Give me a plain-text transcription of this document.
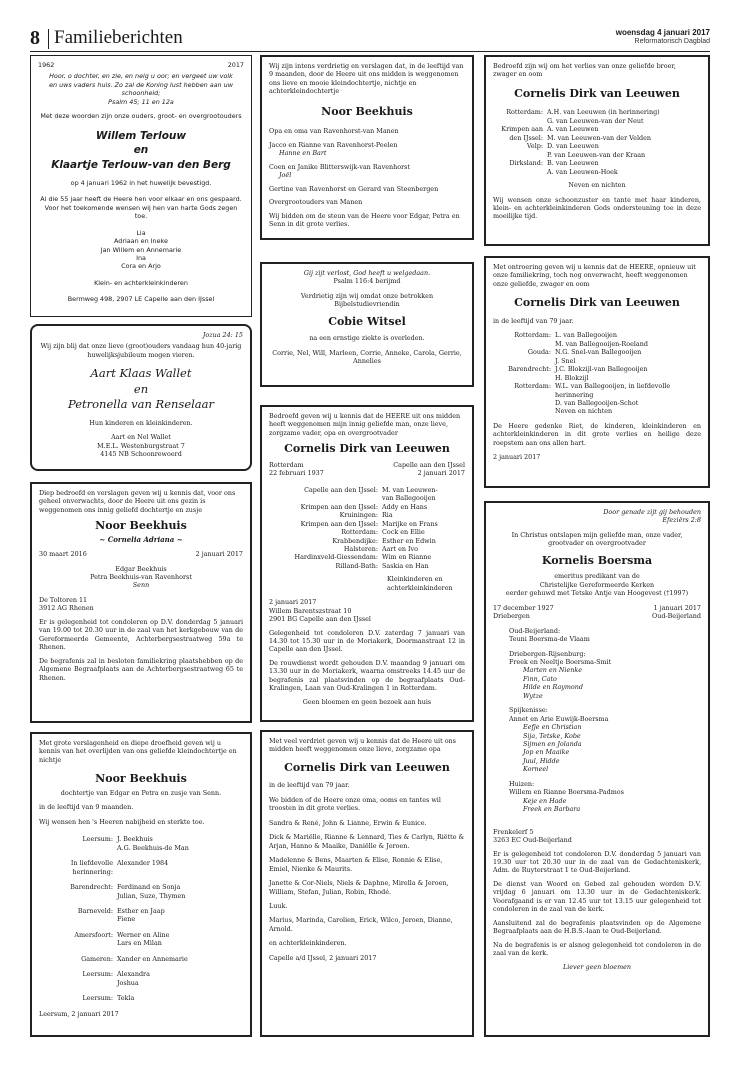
8 Familieberichten	woensdag 4 januari 2017
Reformatorisch Dagblad
1962	2017
Hoor, o dochter, en zie, en neig u oor; en vergeet uw volk
en uws vaders huis. Zo zal de Koning lust hebben aan uw
schoonheid;
Psalm 45; 11 en 12a
Met deze woorden zijn onze ouders, groot- en overgrootouders
Willem Terlouw
en
Klaartje Terlouw-van den Berg
op 4 januari 1962 in het huwelijk bevestigd.
Al die 55 jaar heeft de Heere hen voor elkaar en ons gespaard.
Voor het toekomende wensen wij hen van harte Gods zegen toe.
Lia
Adriaan en Ineke
Jan Willem en Annemarie
Ina
Cora en Arjo
Klein- en achterkleinkinderen
Bermweg 498, 2907 LE Capelle aan den IJssel
Jozua 24: 15
Wij zijn blij dat onze lieve (groot)ouders vandaag hun 40-jarig huwelijksjubileum mogen vieren.
Aart Klaas Wallet
en
Petronella van Renselaar
Hun kinderen en kleinkinderen.
Aart en Nel Wallet
M.E.L. Westenburgstraat 7
4145 NB Schoonrewoerd
Diep bedroefd en verslagen geven wij u kennis dat, voor ons geheel onverwachts, door de Heere uit ons gezin is weggenomen ons innig geliefd dochtertje en zusje
Noor Beekhuis
~ Cornelia Adriana ~
30 maart 2016	2 januari 2017
Edgar Beekhuis
Petra Beekhuis-van Ravenhorst
Senn
De Toltoren 11
3912 AG Rhenen
Er is gelegenheid tot condoleren op D.V. donderdag 5 januari van 19.00 tot 20.30 uur in de zaal van het kerkgebouw van de Gereformeerde Gemeente, Achterbergsestraatweg 59a te Rhenen.
De begrafenis zal in besloten familiekring plaatshebben op de Algemene Begraafplaats aan de Achterbergsestraatweg 65 te Rhenen.
Met grote verslagenheid en diepe droefheid geven wij u kennis van het overlijden van ons geliefde kleindochtertje en nichtje
Noor Beekhuis
dochtertje van Edgar en Petra en zusje van Senn.
in de leeftijd van 9 maanden.
Wij wensen hen 's Heeren nabijheid en sterkte toe.
Leersum: J. Beekhuis
A.G. Beekhuis-de Man
In liefdevolle herinnering:
Alexander 1984
Barendrecht: Ferdinand en Sonja
Julian, Suze, Thymen
Barneveld: Esther en Jaap
Fiene
Amersfoort: Werner en Aline
Lars en Milan
Gameren: Xander en Annemarie
Leersum: Alexandra
Joshua
Leersum: Tekla
Leersum, 2 januari 2017
Wij zijn intens verdrietig en verslagen dat, in de leeftijd van 9 maanden, door de Heere uit ons midden is weggenomen ons lieve en mooie kleindochtertje, nichtje en achterkleindochtertje
Noor Beekhuis
Opa en oma van Ravenhorst-van Manen
Jacco en Rianne van Ravenhorst-Peelen
Hanne en Bart
Coen en Janike Blitterswijk-van Ravenhorst
Joël
Gertine van Ravenhorst en Gerard van Steenbergen
Overgrootouders van Manen
Wij bidden om de steun van de Heere voor Edgar, Petra en Senn in dit grote verlies.
Gij zijt verlost, God heeft u welgedaan.
Psalm 116:4 berijmd
Verdrietig zijn wij omdat onze betrokken Bijbelstudievriendin
Cobie Witsel
na een ernstige ziekte is overleden.
Corrie, Nel, Will, Marleen, Corrie, Anneke, Carola, Gerrie, Annelies
Bedroefd geven wij u kennis dat de HEERE uit ons midden heeft weggenomen mijn innig geliefde man, onze lieve, zorgzame vader, opa en overgrootvader
Cornelis Dirk van Leeuwen
Rotterdam	Capelle aan den IJssel
22 februari 1937	2 januari 2017
Capelle aan den IJssel: M. van Leeuwen-
van Ballegooijen
Krimpen aan den IJssel: Addy en Hans
Kruiningen: Ria
Krimpen aan den IJssel: Marijke en Frans
Rotterdam: Cock en Ellie
Krabbendijke: Esther en Edwin
Halsteren: Aart en Ivo
Hardinxveld-Giessendam: Wim en Rianne
Rilland-Bath: Saskia en Han
Kleinkinderen en
achterkleinkinderen
2 januari 2017
Willem Barentszstraat 10
2901 BG Capelle aan den IJssel
Gelegenheid tot condoleren D.V. zaterdag 7 januari van 14.30 tot 15.30 uur in de Moriakerk, Doormanstraat 12 in Capelle aan den IJssel.
De rouwdienst wordt gehouden D.V. maandag 9 januari om 13.30 uur in de Moriakerk, waarna omstreeks 14.45 uur de begrafenis zal plaatsvinden op de begraafplaats Oud-Kralingen, Laan van Oud-Kralingen 1 in Rotterdam.
Geen bloemen en geen bezoek aan huis
Met veel verdriet geven wij u kennis dat de Heere uit ons midden heeft weggenomen onze lieve, zorgzame opa
Cornelis Dirk van Leeuwen
in de leeftijd van 79 jaar.
We bidden of de Heere onze oma, ooms en tantes wil troosten in dit grote verlies.
Sandra & René, John & Lianne, Erwin & Eunice.
Dick & Mariëlle, Rianne & Lennard, Ties & Carlyn, Riëtte & Arjan, Hanno & Maaike, Daniëlle & Jeroen.
Madelenne & Bens, Maarten & Elise, Ronnie & Elise, Emiel, Nienke & Maurits.
Janette & Cor-Niels, Niels & Daphne, Mirella & Jeroen, William, Stefan, Julian, Robin, Rhodé.
Luuk.
Marius, Marinda, Carolien, Erick, Wilco, Jeroen, Dianne, Arnold.
en achterkleinkinderen.
Capelle a/d IJssel, 2 januari 2017
Bedroefd zijn wij om het verlies van onze geliefde broer, zwager en oom
Cornelis Dirk van Leeuwen
Rotterdam: A.H. van Leeuwen (in herinnering)
G. van Leeuwen-van der Neut
Krimpen aan den IJssel:
A. van Leeuwen
M. van Leeuwen-van der Velden
Velp: D. van Leeuwen
P. van Leeuwen-van der Kraan
Dirksland: B. van Leeuwen
A. van Leeuwen-Hoek
Neven en nichten
Wij wensen onze schoonzuster en tante met haar kinderen, klein- en achterkleinkinderen Gods ondersteuning toe in deze moeilijke tijd.
Met ontroering geven wij u kennis dat de HEERE, opnieuw uit onze familiekring, toch nog onverwacht, heeft weggenomen onze geliefde, zwager en oom
Cornelis Dirk van Leeuwen
in de leeftijd van 79 jaar.
Rotterdam: L. van Ballegooijen
M. van Ballegooijen-Roeland
Gouda: N.G. Snel-van Ballegooijen
J. Snel
Barendrecht: J.C. Blokzijl-van Ballegooijen
H. Blokzijl
Rotterdam: W.L. van Ballegooijen, in liefdevolle herinnering
D. van Ballegooijen-Schot
Neven en nichten
De Heere gedenke Riet, de kinderen, kleinkinderen en achterkleinkinderen in dit grote verlies en heilige deze roepstem aan ons allen hart.
2 januari 2017
Door genade zijt gij behouden
Efeziërs 2:8
In Christus ontslapen mijn geliefde man, onze vader, grootvader en overgrootvader
Kornelis Boersma
emeritus predikant van de
Christelijke Gereformeerde Kerken
eerder gehuwd met Tetske Antje van Hoogevest (†1997)
17 december 1927	1 januari 2017
Driebergen	Oud-Beijerland
Oud-Beijerland:
Teuni Boersma-de Vlaam
Driebergen-Rijsenburg:
Freek en Neeltje Boersma-Smit
Marten en Nienke
Finn, Cato
Hilde en Raymond
Wytze
Spijkenisse:
Annet en Arie Euwijk-Boersma
Eefje en Christian
Sija, Tetske, Kobe
Sijmen en Jolanda
Jop en Maaike
Juul, Hidde
Korneel
Huizen:
Willem en Rianne Boersma-Padmos
Keje en Hade
Freek en Barbara
Frenkelerf 5
3263 EC Oud-Beijerland
Er is gelegenheid tot condoleren D.V. donderdag 5 januari van 19.30 uur tot 20.30 uur in de zaal van de Gedachteniskerk, Adm. de Ruyterstraat 1 te Oud-Beijerland.
De dienst van Woord en Gebed zal gehouden worden D.V. vrijdag 6 januari om 13.30 uur in de Gedachteniskerk. Voorafgaand is er van 12.45 uur tot 13.15 uur gelegenheid tot condoleren in de zaal van de kerk.
Aansluitend zal de begrafenis plaatsvinden op de Algemene Begraafplaats aan de H.B.S.-laan te Oud-Beijerland.
Na de begrafenis is er alsnog gelegenheid tot condoleren in de zaal van de kerk.
Liever geen bloemen
